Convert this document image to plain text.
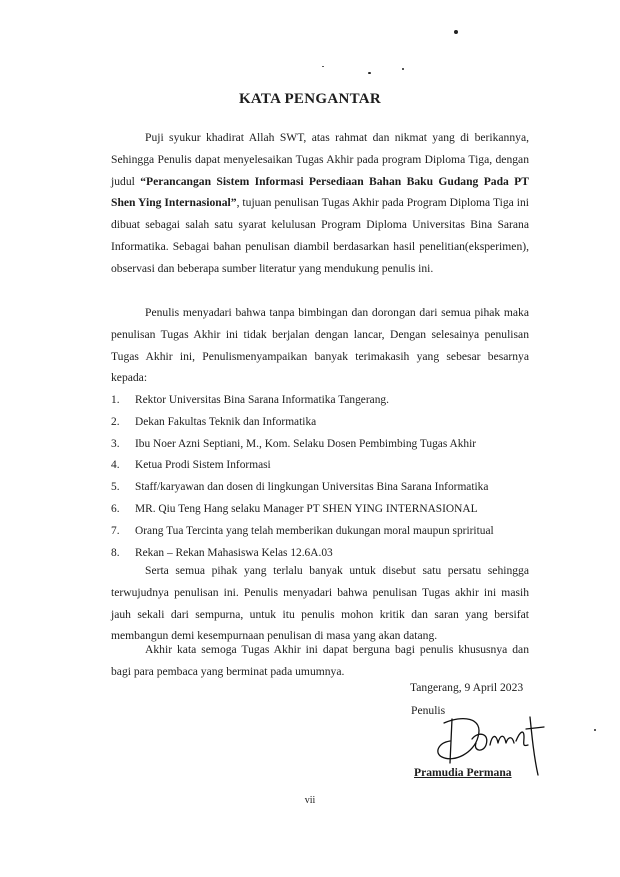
KATA PENGANTAR
Puji syukur khadirat Allah SWT, atas rahmat dan nikmat yang di berikannya, Sehingga Penulis dapat menyelesaikan Tugas Akhir pada program Diploma Tiga, dengan judul “Perancangan Sistem Informasi Persediaan Bahan Baku Gudang Pada PT Shen Ying Internasional”, tujuan penulisan Tugas Akhir pada Program Diploma Tiga ini dibuat sebagai salah satu syarat kelulusan Program Diploma Universitas Bina Sarana Informatika. Sebagai bahan penulisan diambil berdasarkan hasil penelitian(eksperimen), observasi dan beberapa sumber literatur yang mendukung penulis ini.
Penulis menyadari bahwa tanpa bimbingan dan dorongan dari semua pihak maka penulisan Tugas Akhir ini tidak berjalan dengan lancar, Dengan selesainya penulisan Tugas Akhir ini, Penulismenyampaikan banyak terimakasih yang sebesar besarnya kepada:
1. Rektor Universitas Bina Sarana Informatika Tangerang.
2. Dekan Fakultas Teknik dan Informatika
3. Ibu Noer Azni Septiani, M., Kom. Selaku Dosen Pembimbing Tugas Akhir
4. Ketua Prodi Sistem Informasi
5. Staff/karyawan dan dosen di lingkungan Universitas Bina Sarana Informatika
6. MR. Qiu Teng Hang selaku Manager PT SHEN YING INTERNASIONAL
7. Orang Tua Tercinta yang telah memberikan dukungan moral maupun spriritual
8. Rekan – Rekan Mahasiswa Kelas 12.6A.03
Serta semua pihak yang terlalu banyak untuk disebut satu persatu sehingga terwujudnya penulisan ini. Penulis menyadari bahwa penulisan Tugas akhir ini masih jauh sekali dari sempurna, untuk itu penulis mohon kritik dan saran yang bersifat membangun demi kesempurnaan penulisan di masa yang akan datang.
Akhir kata semoga Tugas Akhir ini dapat berguna bagi penulis khususnya dan bagi para pembaca yang berminat pada umumnya.
Tangerang, 9 April 2023
Penulis
Pramudia Permana
vii
